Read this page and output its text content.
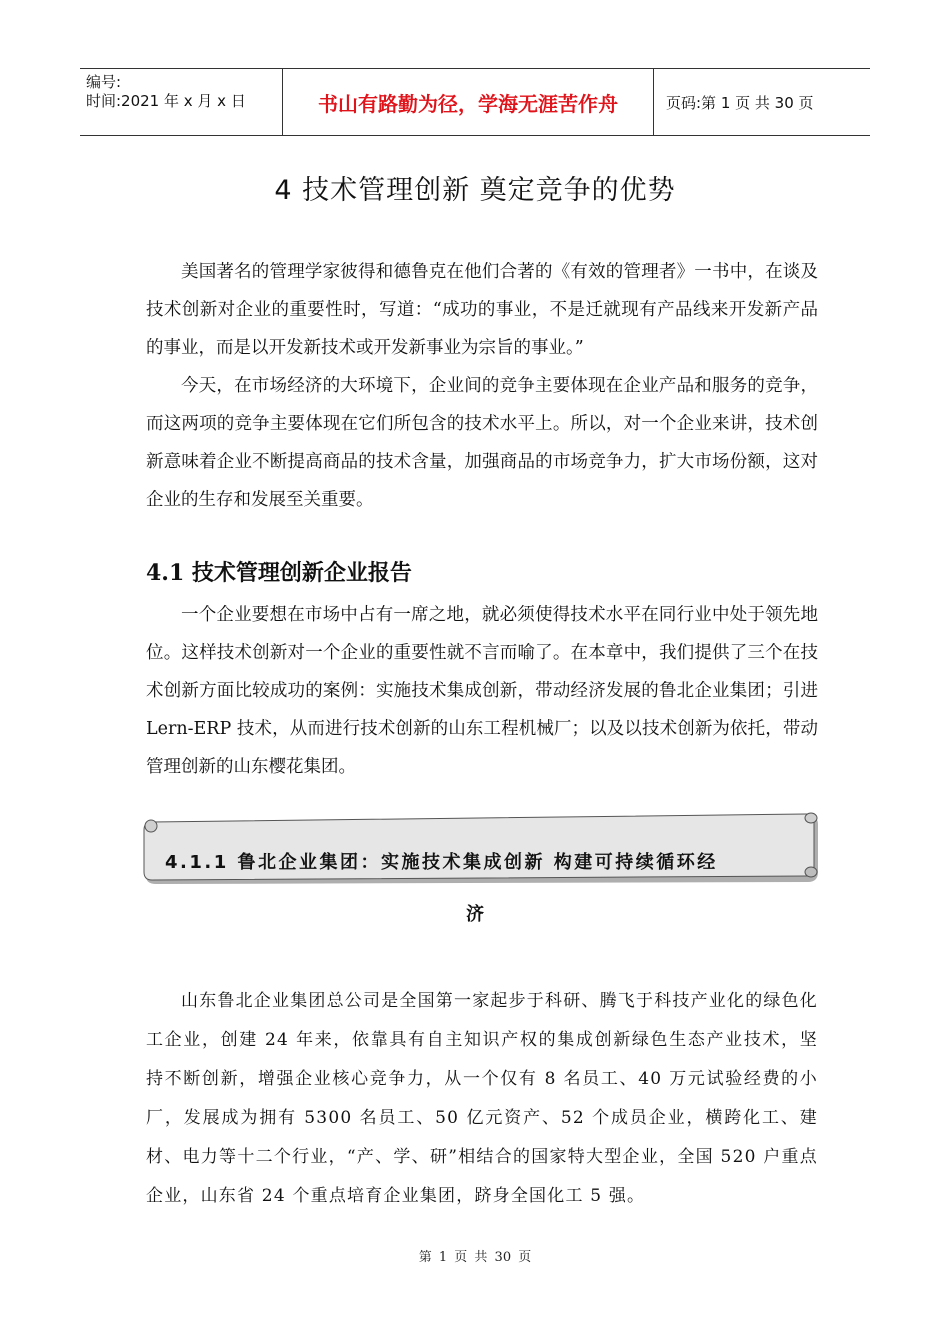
编号:
时间:2021 年 x 月 x 日	书山有路勤为径，学海无涯苦作舟	页码:第 1 页 共 30 页
4 技术管理创新 奠定竞争的优势

美国著名的管理学家彼得和德鲁克在他们合著的《有效的管理者》一书中，在谈及技术创新对企业的重要性时，写道：“成功的事业，不是迁就现有产品线来开发新产品的事业，而是以开发新技术或开发新事业为宗旨的事业。”

今天，在市场经济的大环境下，企业间的竞争主要体现在企业产品和服务的竞争，而这两项的竞争主要体现在它们所包含的技术水平上。所以，对一个企业来讲，技术创新意味着企业不断提高商品的技术含量，加强商品的市场竞争力，扩大市场份额，这对企业的生存和发展至关重要。

4.1 技术管理创新企业报告

一个企业要想在市场中占有一席之地，就必须使得技术水平在同行业中处于领先地位。这样技术创新对一个企业的重要性就不言而喻了。在本章中，我们提供了三个在技术创新方面比较成功的案例：实施技术集成创新，带动经济发展的鲁北企业集团；引进 Lern-ERP 技术，从而进行技术创新的山东工程机械厂；以及以技术创新为依托，带动管理创新的山东樱花集团。

4.1.1 鲁北企业集团：实施技术集成创新 构建可持续循环经
济

山东鲁北企业集团总公司是全国第一家起步于科研、腾飞于科技产业化的绿色化工企业，创建 24 年来，依靠具有自主知识产权的集成创新绿色生态产业技术，坚持不断创新，增强企业核心竞争力，从一个仅有 8 名员工、40 万元试验经费的小厂，发展成为拥有 5300 名员工、50 亿元资产、52 个成员企业，横跨化工、建材、电力等十二个行业，“产、学、研”相结合的国家特大型企业，全国 520 户重点企业，山东省 24 个重点培育企业集团，跻身全国化工 5 强。

第 1 页 共 30 页
